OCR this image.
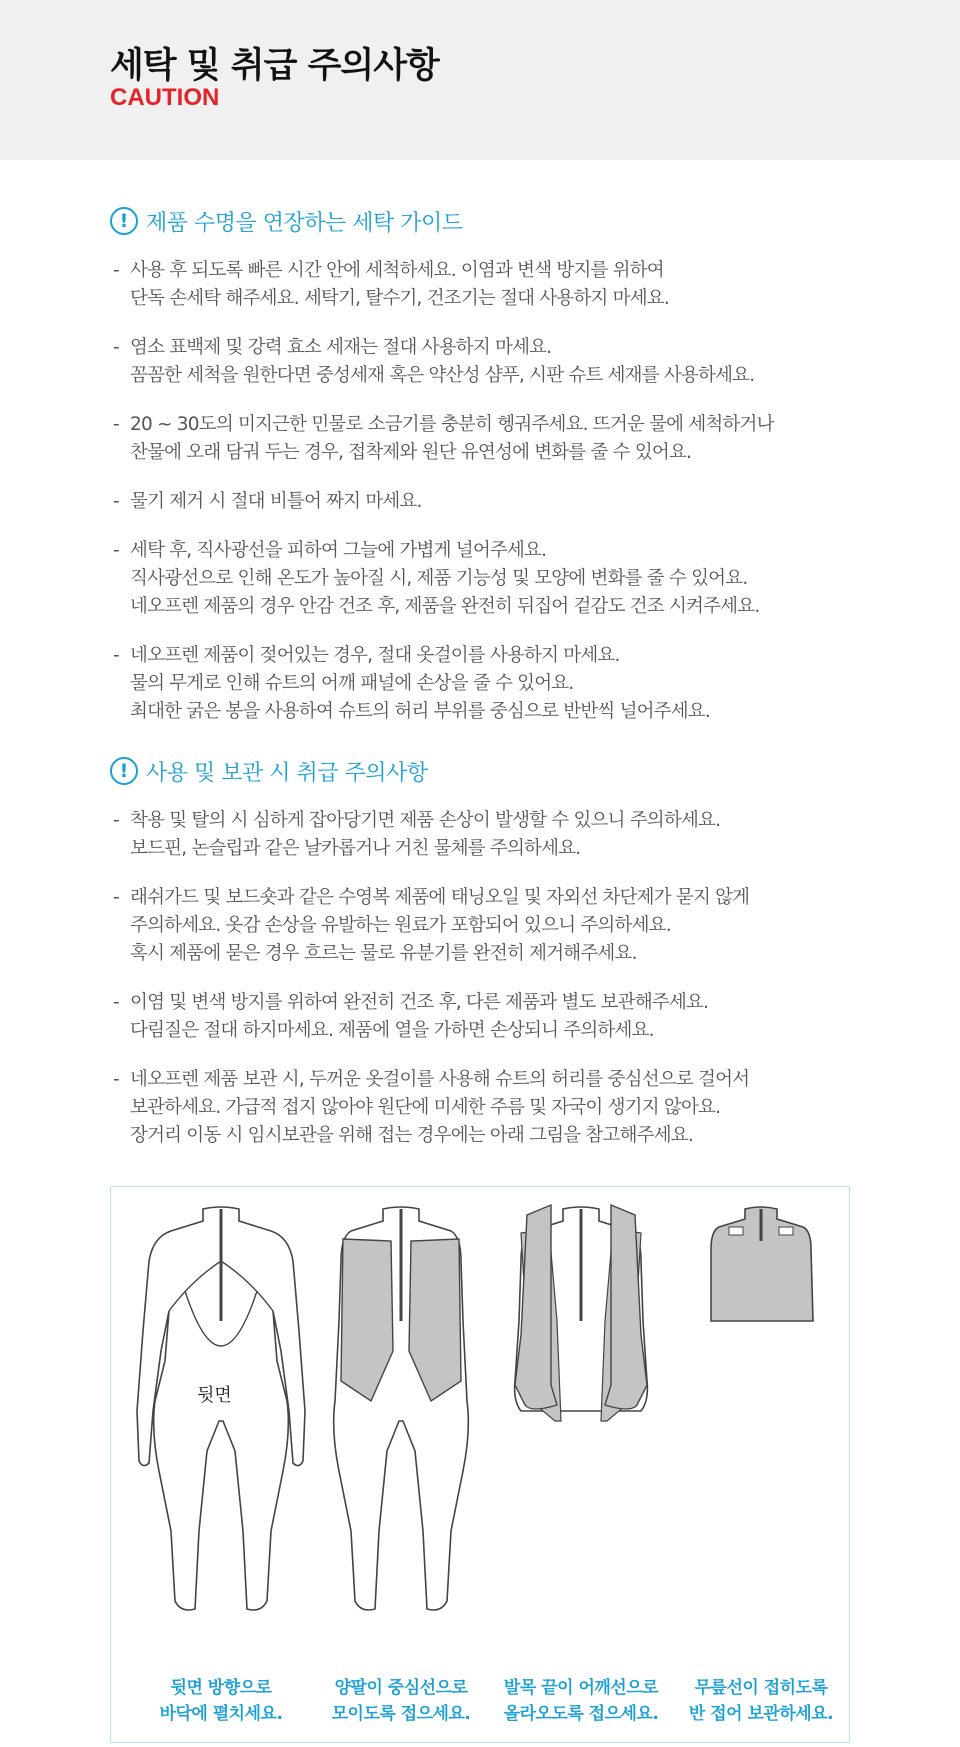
세탁 및 취급 주의사항
CAUTION
! 제품 수명을 연장하는 세탁 가이드
- 사용 후 되도록 빠른 시간 안에 세척하세요. 이염과 변색 방지를 위하여
단독 손세탁 해주세요. 세탁기, 탈수기, 건조기는 절대 사용하지 마세요.
- 염소 표백제 및 강력 효소 세재는 절대 사용하지 마세요.
꼼꼼한 세척을 원한다면 중성세재 혹은 약산성 샴푸, 시판 슈트 세재를 사용하세요.
- 20 ~ 30도의 미지근한 민물로 소금기를 충분히 헹궈주세요. 뜨거운 물에 세척하거나
찬물에 오래 담궈 두는 경우, 접착제와 원단 유연성에 변화를 줄 수 있어요.
- 물기 제거 시 절대 비틀어 짜지 마세요.
- 세탁 후, 직사광선을 피하여 그늘에 가볍게 널어주세요.
직사광선으로 인해 온도가 높아질 시, 제품 기능성 및 모양에 변화를 줄 수 있어요.
네오프렌 제품의 경우 안감 건조 후, 제품을 완전히 뒤집어 겉감도 건조 시켜주세요.
- 네오프렌 제품이 젖어있는 경우, 절대 옷걸이를 사용하지 마세요.
물의 무게로 인해 슈트의 어깨 패널에 손상을 줄 수 있어요.
최대한 굵은 봉을 사용하여 슈트의 허리 부위를 중심으로 반반씩 널어주세요.
! 사용 및 보관 시 취급 주의사항
- 착용 및 탈의 시 심하게 잡아당기면 제품 손상이 발생할 수 있으니 주의하세요.
보드핀, 논슬립과 같은 날카롭거나 거친 물체를 주의하세요.
- 래쉬가드 및 보드숏과 같은 수영복 제품에 태닝오일 및 자외선 차단제가 묻지 않게
주의하세요. 옷감 손상을 유발하는 원료가 포함되어 있으니 주의하세요.
혹시 제품에 묻은 경우 흐르는 물로 유분기를 완전히 제거해주세요.
- 이염 및 변색 방지를 위하여 완전히 건조 후, 다른 제품과 별도 보관해주세요.
다림질은 절대 하지마세요. 제품에 열을 가하면 손상되니 주의하세요.
- 네오프렌 제품 보관 시, 두꺼운 옷걸이를 사용해 슈트의 허리를 중심선으로 걸어서
보관하세요. 가급적 접지 않아야 원단에 미세한 주름 및 자국이 생기지 않아요.
장거리 이동 시 임시보관을 위해 접는 경우에는 아래 그림을 참고해주세요.
뒷면
뒷면 방향으로
바닥에 펼치세요.
양팔이 중심선으로
모이도록 접으세요.
발목 끝이 어깨선으로
올라오도록 접으세요.
무릎선이 접히도록
반 접어 보관하세요.
